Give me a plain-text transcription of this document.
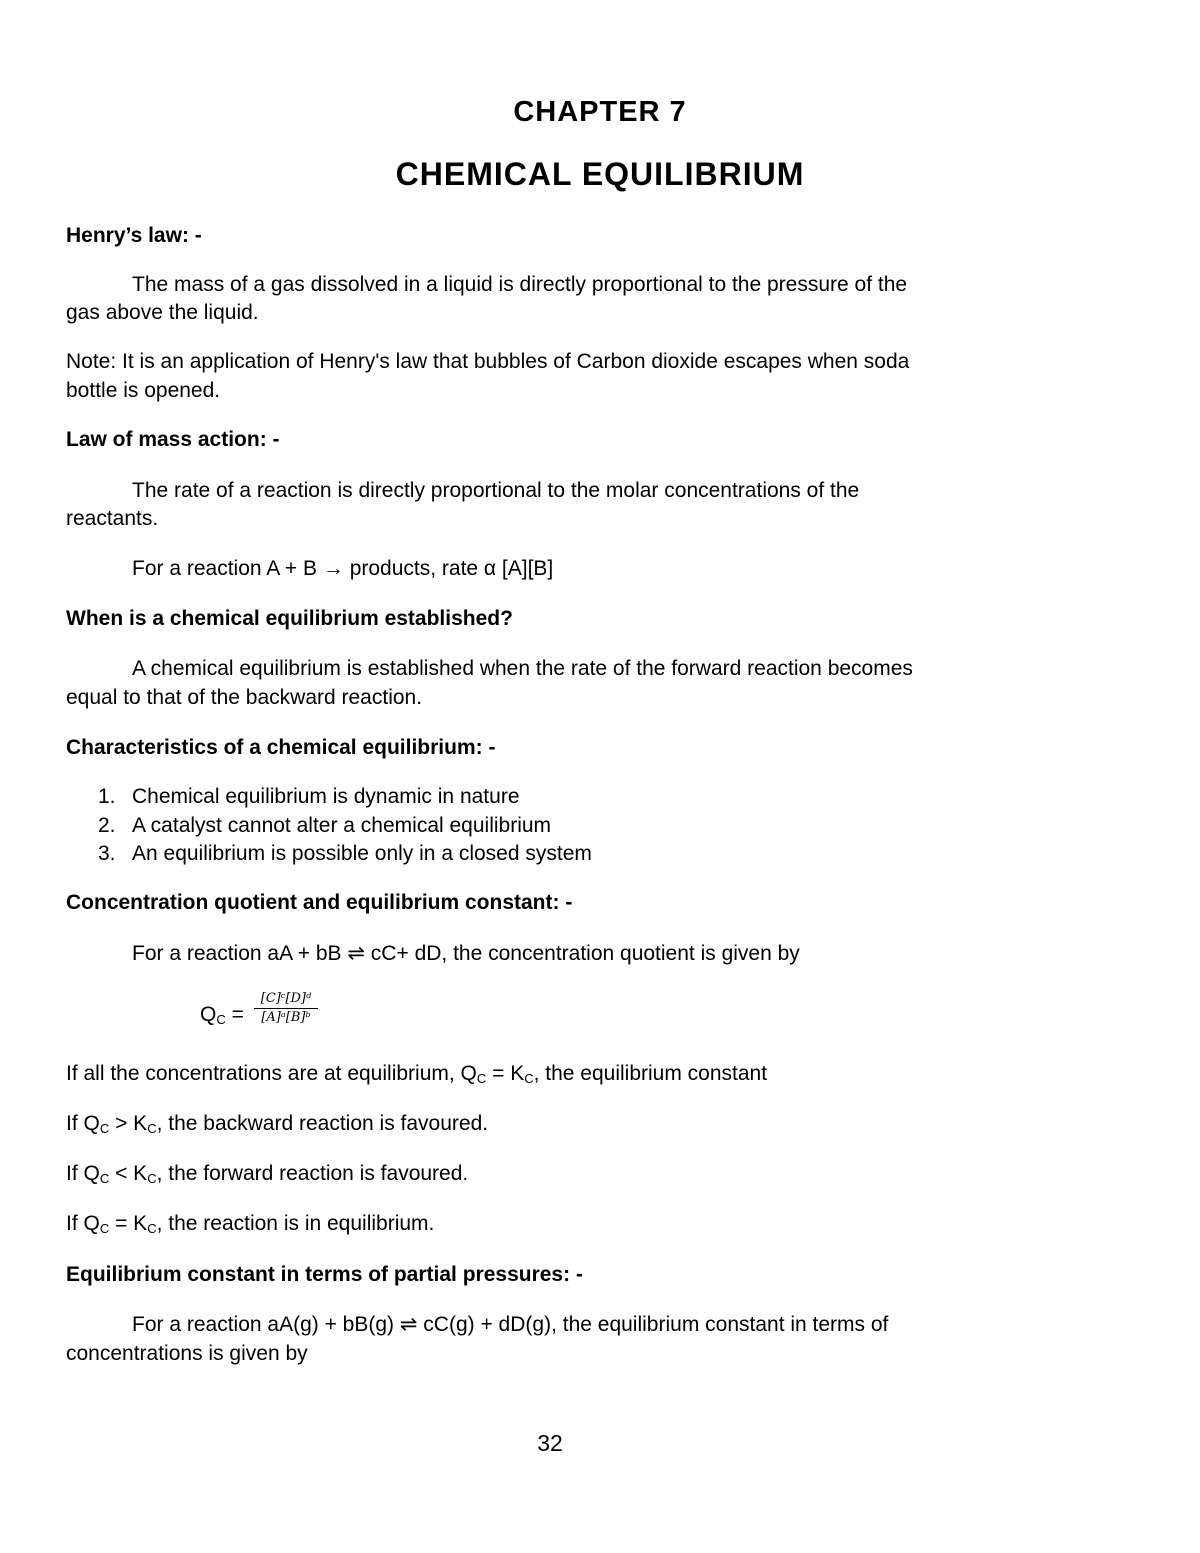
CHAPTER 7
CHEMICAL EQUILIBRIUM
Henry’s law: -
The mass of a gas dissolved in a liquid is directly proportional to the pressure of the
gas above the liquid.
Note: It is an application of Henry's law that bubbles of Carbon dioxide escapes when soda
bottle is opened.
Law of mass action: -
The rate of a reaction is directly proportional to the molar concentrations of the
reactants.
For a reaction A + B → products, rate α [A][B]
When is a chemical equilibrium established?
A chemical equilibrium is established when the rate of the forward reaction becomes
equal to that of the backward reaction.
Characteristics of a chemical equilibrium: -
1. Chemical equilibrium is dynamic in nature
2. A catalyst cannot alter a chemical equilibrium
3. An equilibrium is possible only in a closed system
Concentration quotient and equilibrium constant: -
For a reaction aA + bB ⇌ cC+ dD, the concentration quotient is given by
$Q_C = \frac{\text{[C]ᶜ[D]ᵈ}}{\text{[A]ᵃ[B]ᵇ}}$
If all the concentrations are at equilibrium, $Q_C = K_C$, the equilibrium constant
If $Q_C > K_C$, the backward reaction is favoured.
If $Q_C < K_C$, the forward reaction is favoured.
If $Q_C = K_C$, the reaction is in equilibrium.
Equilibrium constant in terms of partial pressures: -
For a reaction aA(g) + bB(g) ⇌ cC(g) + dD(g), the equilibrium constant in terms of
concentrations is given by
32
